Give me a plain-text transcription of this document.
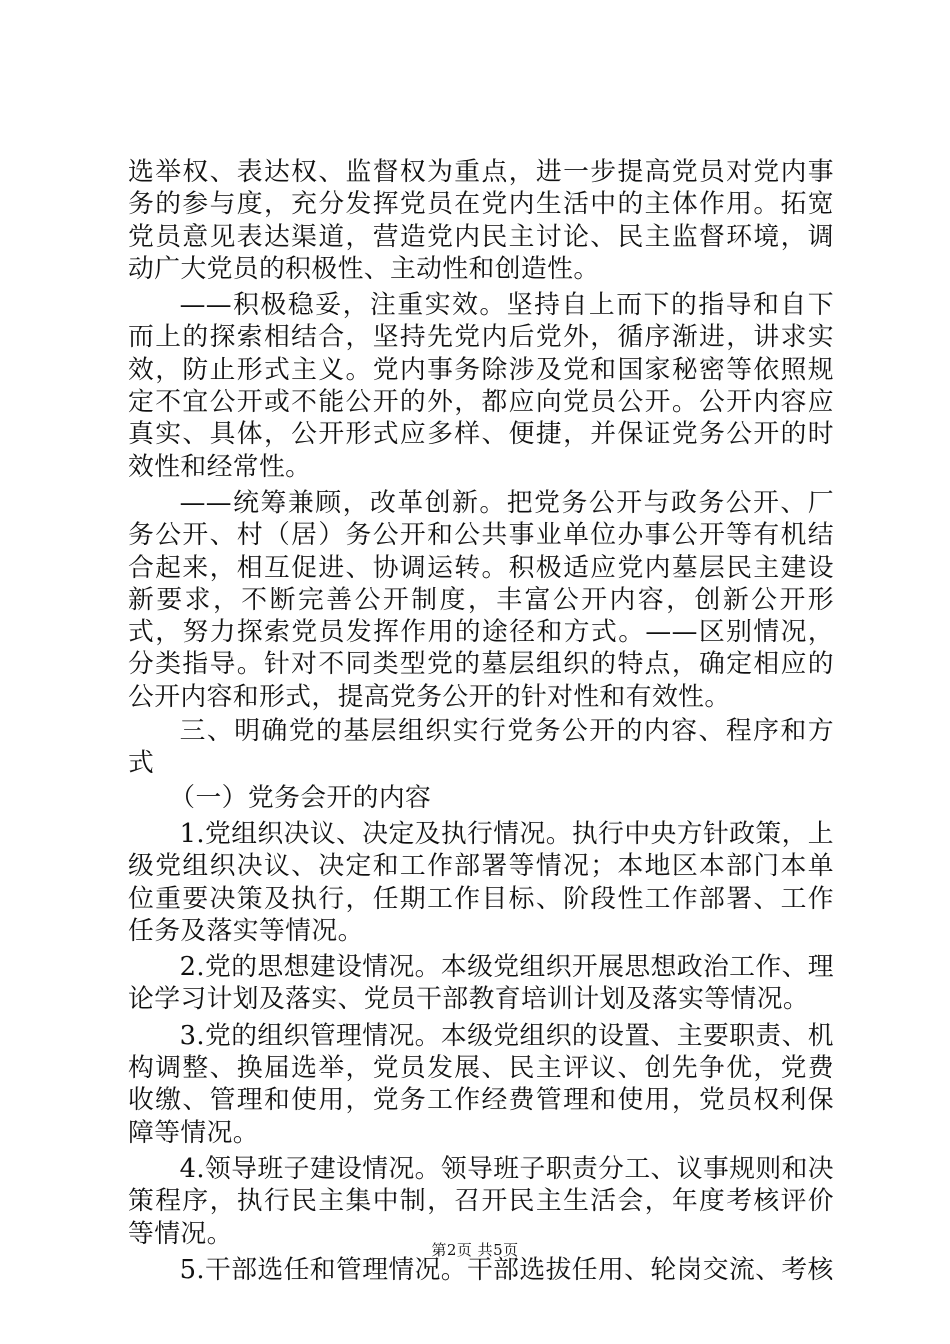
选举权、表达权、监督权为重点，进一步提高党员对党内事务的参与度，充分发挥党员在党内生活中的主体作用。拓宽党员意见表达渠道，营造党内民主讨论、民主监督环境，调动广大党员的积极性、主动性和创造性。

——积极稳妥，注重实效。坚持自上而下的指导和自下而上的探索相结合，坚持先党内后党外，循序渐进，讲求实效，防止形式主义。党内事务除涉及党和国家秘密等依照规定不宜公开或不能公开的外，都应向党员公开。公开内容应真实、具体，公开形式应多样、便捷，并保证党务公开的时效性和经常性。

——统筹兼顾，改革创新。把党务公开与政务公开、厂务公开、村（居）务公开和公共事业单位办事公开等有机结合起来，相互促进、协调运转。积极适应党内墓层民主建设新要求，不断完善公开制度，丰富公开内容，创新公开形式，努力探索党员发挥作用的途径和方式。——区别情况，分类指导。针对不同类型党的墓层组织的特点，确定相应的公开内容和形式，提高党务公开的针对性和有效性。

三、明确党的基层组织实行党务公开的内容、程序和方式

（一）党务会开的内容

1.党组织决议、决定及执行情况。执行中央方针政策，上级党组织决议、决定和工作部署等情况；本地区本部门本单位重要决策及执行，任期工作目标、阶段性工作部署、工作任务及落实等情况。

2.党的思想建设情况。本级党组织开展思想政治工作、理论学习计划及落实、党员干部教育培训计划及落实等情况。

3.党的组织管理情况。本级党组织的设置、主要职责、机构调整、换届选举，党员发展、民主评议、创先争优，党费收缴、管理和使用，党务工作经费管理和使用，党员权利保障等情况。

4.领导班子建设情况。领导班子职责分工、议事规则和决策程序，执行民主集中制，召开民主生活会，年度考核评价等情况。

5.干部选任和管理情况。干部选拔任用、轮岗交流、考核

第2页 共5页
